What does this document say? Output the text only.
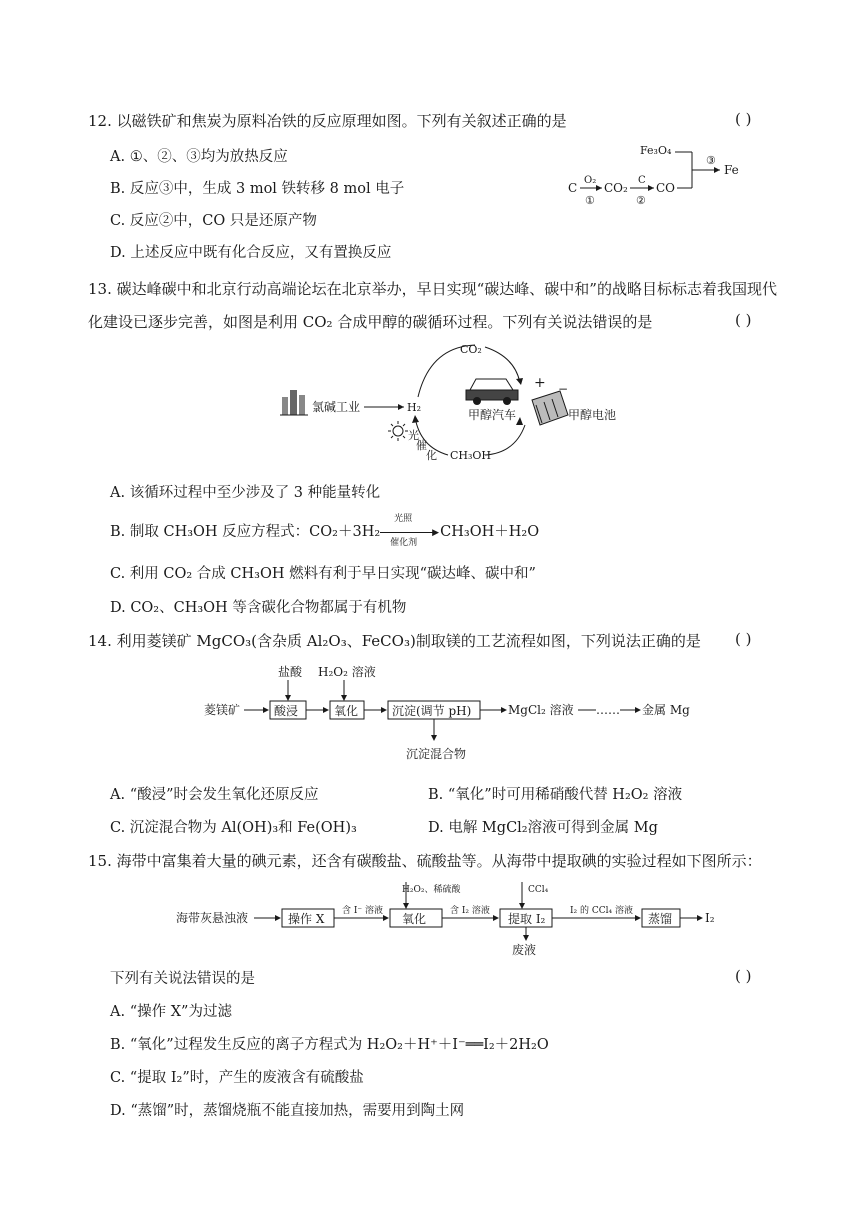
12. 以磁铁矿和焦炭为原料冶铁的反应原理如图。下列有关叙述正确的是	( )
A. ①、②、③均为放热反应
B. 反应③中，生成 3 mol 铁转移 8 mol 电子
C. 反应②中，CO 只是还原产物
D. 上述反应中既有化合反应，又有置换反应
Fe₃O₄
③
Fe
C
O₂
①
CO₂
C
②
CO
13. 碳达峰碳中和北京行动高端论坛在北京举办，早日实现“碳达峰、碳中和”的战略目标标志着我国现代
化建设已逐步完善，如图是利用 CO₂ 合成甲醇的碳循环过程。下列有关说法错误的是	( )
氯碱工业	H₂
CO₂
CH₃OH
光
催
化
甲醇汽车
+ −
甲醇电池
A. 该循环过程中至少涉及了 3 种能量转化
B. 制取 CH₃OH 反应方程式：CO₂＋3H₂
光照
▶
催化剂
CH₃OH＋H₂O
C. 利用 CO₂ 合成 CH₃OH 燃料有利于早日实现“碳达峰、碳中和”
D. CO₂、CH₃OH 等含碳化合物都属于有机物
14. 利用菱镁矿 MgCO₃(含杂质 Al₂O₃、FeCO₃)制取镁的工艺流程如图，下列说法正确的是 ( )
盐酸 H₂O₂ 溶液
菱镁矿	酸浸	氧化	沉淀(调节 pH)	MgCl₂ 溶液 …… 金属 Mg
沉淀混合物
A. “酸浸”时会发生氧化还原反应	B. “氧化”时可用稀硝酸代替 H₂O₂ 溶液
C. 沉淀混合物为 Al(OH)₃和 Fe(OH)₃	D. 电解 MgCl₂溶液可得到金属 Mg
15. 海带中富集着大量的碘元素，还含有碳酸盐、硫酸盐等。从海带中提取碘的实验过程如下图所示：
H₂O₂、稀硫酸	CCl₄
海带灰悬浊液	操作 X
含 I⁻ 溶液
氧化
含 I₂ 溶液
提取 I₂
I₂ 的 CCl₄ 溶液
蒸馏	I₂
废液
下列有关说法错误的是	( )
A. “操作 X”为过滤
B. “氧化”过程发生反应的离子方程式为 H₂O₂＋H⁺＋I⁻══I₂＋2H₂O
C. “提取 I₂”时，产生的废液含有硫酸盐
D. “蒸馏”时，蒸馏烧瓶不能直接加热，需要用到陶土网
